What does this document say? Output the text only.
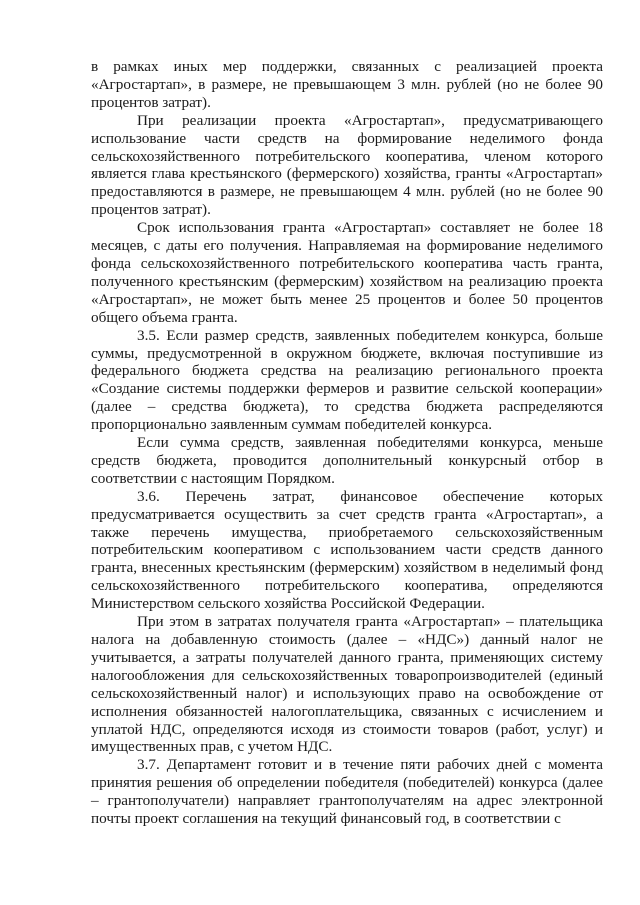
в рамках иных мер поддержки, связанных с реализацией проекта «Агростартап», в размере, не превышающем 3 млн. рублей (но не более 90 процентов затрат).

При реализации проекта «Агростартап», предусматривающего использование части средств на формирование неделимого фонда сельскохозяйственного потребительского кооператива, членом которого является глава крестьянского (фермерского) хозяйства, гранты «Агростартап» предоставляются в размере, не превышающем 4 млн. рублей (но не более 90 процентов затрат).

Срок использования гранта «Агростартап» составляет не более 18 месяцев, с даты его получения. Направляемая на формирование неделимого фонда сельскохозяйственного потребительского кооператива часть гранта, полученного крестьянским (фермерским) хозяйством на реализацию проекта «Агростартап», не может быть менее 25 процентов и более 50 процентов общего объема гранта.

3.5. Если размер средств, заявленных победителем конкурса, больше суммы, предусмотренной в окружном бюджете, включая поступившие из федерального бюджета средства на реализацию регионального проекта «Создание системы поддержки фермеров и развитие сельской кооперации» (далее – средства бюджета), то средства бюджета распределяются пропорционально заявленным суммам победителей конкурса.

Если сумма средств, заявленная победителями конкурса, меньше средств бюджета, проводится дополнительный конкурсный отбор в соответствии с настоящим Порядком.

3.6. Перечень затрат, финансовое обеспечение которых предусматривается осуществить за счет средств гранта «Агростартап», а также перечень имущества, приобретаемого сельскохозяйственным потребительским кооперативом с использованием части средств данного гранта, внесенных крестьянским (фермерским) хозяйством в неделимый фонд сельскохозяйственного потребительского кооператива, определяются Министерством сельского хозяйства Российской Федерации.

При этом в затратах получателя гранта «Агростартап» – плательщика налога на добавленную стоимость (далее – «НДС») данный налог не учитывается, а затраты получателей данного гранта, применяющих систему налогообложения для сельскохозяйственных товаропроизводителей (единый сельскохозяйственный налог) и использующих право на освобождение от исполнения обязанностей налогоплательщика, связанных с исчислением и уплатой НДС, определяются исходя из стоимости товаров (работ, услуг) и имущественных прав, с учетом НДС.

3.7. Департамент готовит и в течение пяти рабочих дней с момента принятия решения об определении победителя (победителей) конкурса (далее – грантополучатели) направляет грантополучателям на адрес электронной почты проект соглашения на текущий финансовый год, в соответствии с
